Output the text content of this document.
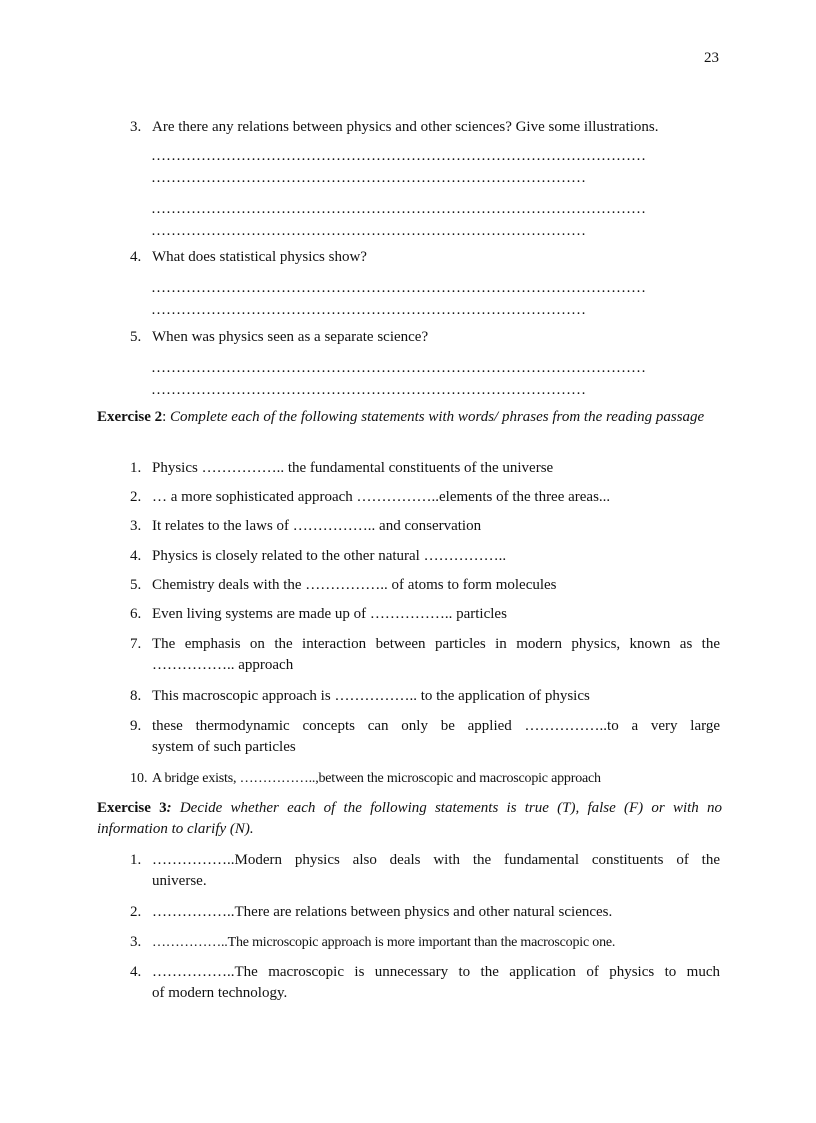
23
3. Are there any relations between physics and other sciences? Give some illustrations.
………………………………………………………………………………………
……………………………………………………………………………
………………………………………………………………………………………
……………………………………………………………………………
4. What does statistical physics show?
………………………………………………………………………………………
……………………………………………………………………………
5. When was physics seen as a separate science?
………………………………………………………………………………………
……………………………………………………………………………
Exercise 2: Complete each of the following statements with words/ phrases from the reading passage
1. Physics …………….. the fundamental constituents of the universe
2. … a more sophisticated approach ……………..elements of the three areas...
3. It relates to the laws of …………….. and conservation
4. Physics is closely related to the other natural ……………..
5. Chemistry deals with the …………….. of atoms to form molecules
6. Even living systems are made up of …………….. particles
7. The emphasis on the interaction between particles in modern physics, known as the
…………….. approach
8. This macroscopic approach is …………….. to the application of physics
9. these thermodynamic concepts can only be applied ……………..to a very large
system of such particles
10. A bridge exists, ……………..,between the microscopic and macroscopic approach
Exercise 3: Decide whether each of the following statements is true (T), false (F) or with no
information to clarify (N).
1. ……………..Modern physics also deals with the fundamental constituents of the
universe.
2. ……………..There are relations between physics and other natural sciences.
3. ……………..The microscopic approach is more important than the macroscopic one.
4. ……………..The macroscopic is unnecessary to the application of physics to much
of modern technology.
